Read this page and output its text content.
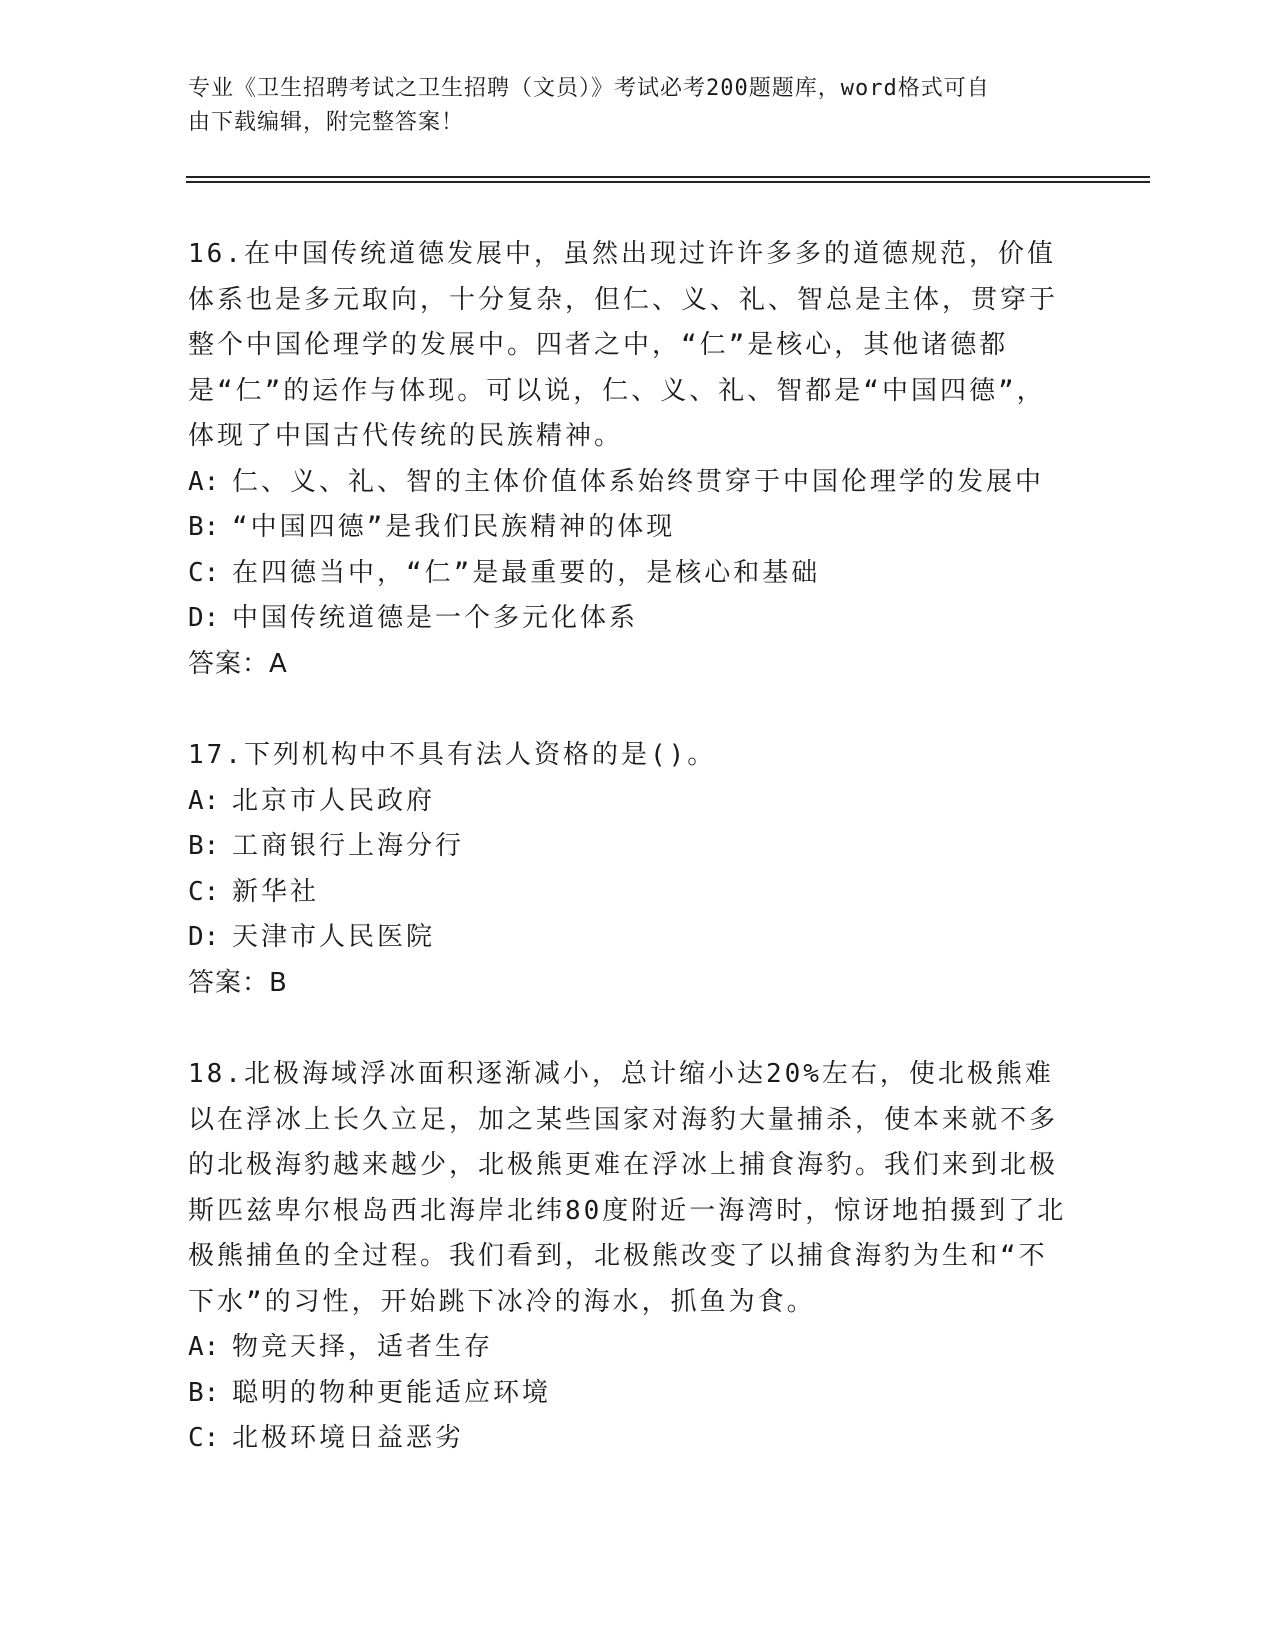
专业《卫生招聘考试之卫生招聘（文员）》考试必考200题题库，word格式可自
由下载编辑，附完整答案！
16.在中国传统道德发展中，虽然出现过许许多多的道德规范，价值体系也是多元取向，十分复杂，但仁、义、礼、智总是主体，贯穿于整个中国伦理学的发展中。四者之中，“仁”是核心，其他诸德都是“仁”的运作与体现。可以说，仁、义、礼、智都是“中国四德”，体现了中国古代传统的民族精神。
A: 仁、义、礼、智的主体价值体系始终贯穿于中国伦理学的发展中
B: “中国四德”是我们民族精神的体现
C: 在四德当中，“仁”是最重要的，是核心和基础
D: 中国传统道德是一个多元化体系
答案：A
17.下列机构中不具有法人资格的是()。
A: 北京市人民政府
B: 工商银行上海分行
C: 新华社
D: 天津市人民医院
答案：B
18.北极海域浮冰面积逐渐减小，总计缩小达20%左右，使北极熊难以在浮冰上长久立足，加之某些国家对海豹大量捕杀，使本来就不多的北极海豹越来越少，北极熊更难在浮冰上捕食海豹。我们来到北极斯匹兹卑尔根岛西北海岸北纬80度附近一海湾时，惊讶地拍摄到了北极熊捕鱼的全过程。我们看到，北极熊改变了以捕食海豹为生和“不下水”的习性，开始跳下冰冷的海水，抓鱼为食。
A: 物竞天择，适者生存
B: 聪明的物种更能适应环境
C: 北极环境日益恶劣
